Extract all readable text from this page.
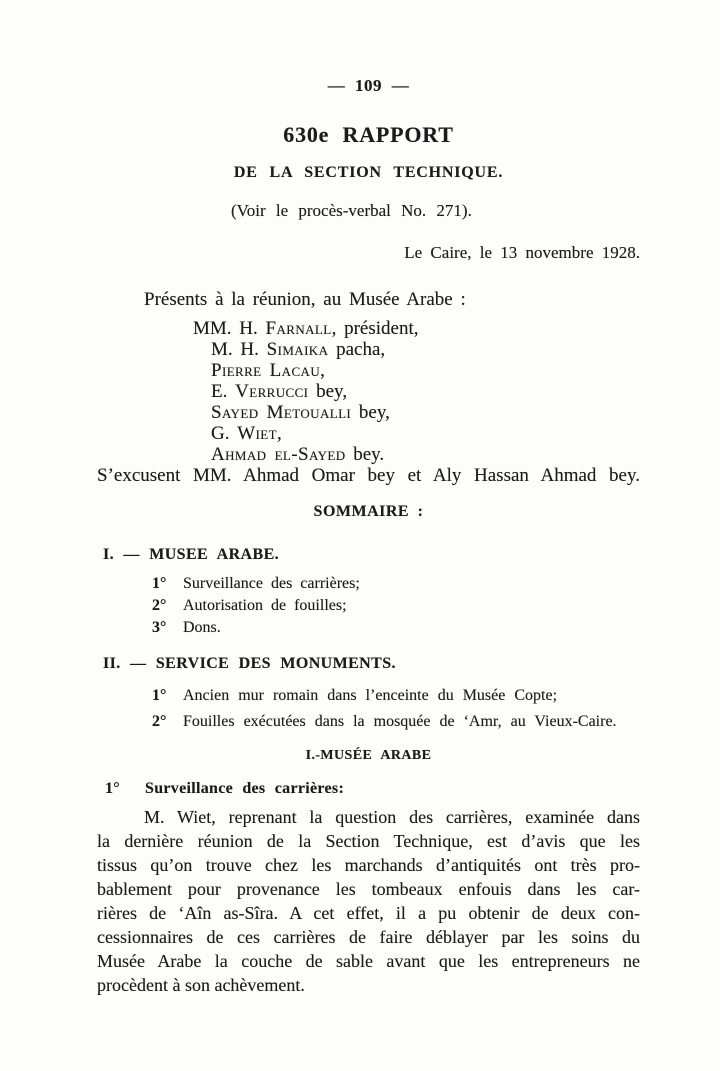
— 109 —
630e RAPPORT
DE LA SECTION TECHNIQUE.
(Voir le procès-verbal No. 271).
Le Caire, le 13 novembre 1928.
Présents à la réunion, au Musée Arabe :
MM. H. Farnall, président,
M. H. Simaika pacha,
Pierre Lacau,
E. Verrucci bey,
Sayed Metoualli bey,
G. Wiet,
Ahmad el-Sayed bey.
S’excusent MM. Ahmad Omar bey et Aly Hassan Ahmad bey.
SOMMAIRE :
I. — MUSEE ARABE.
1° Surveillance des carrières;
2° Autorisation de fouilles;
3° Dons.
II. — SERVICE DES MONUMENTS.
1° Ancien mur romain dans l’enceinte du Musée Copte;
2° Fouilles exécutées dans la mosquée de ‘Amr, au Vieux-Caire.
I.-MUSÉE ARABE
1° Surveillance des carrières:
M. Wiet, reprenant la question des carrières, examinée dans
la dernière réunion de la Section Technique, est d’avis que les
tissus qu’on trouve chez les marchands d’antiquités ont très pro-
bablement pour provenance les tombeaux enfouis dans les car-
rières de ‘Aîn as-Sîra. A cet effet, il a pu obtenir de deux con-
cessionnaires de ces carrières de faire déblayer par les soins du
Musée Arabe la couche de sable avant que les entrepreneurs ne
procèdent à son achèvement.
